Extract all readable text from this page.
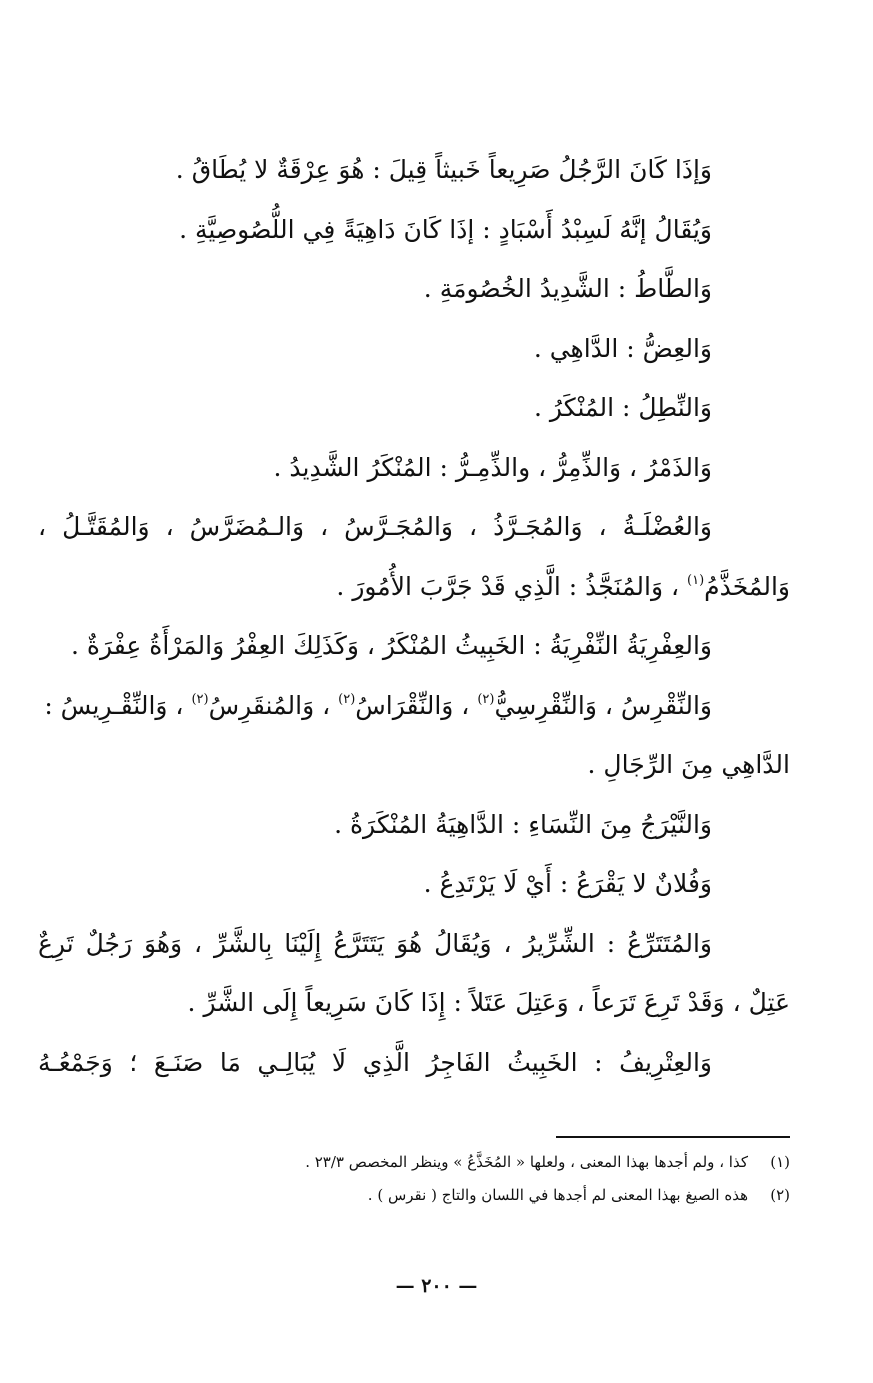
وَإذَا كَانَ الرَّجُلُ صَرِيعاً خَبيثاً قِيلَ : هُوَ عِرْقَةٌ لا يُطَاقُ .
وَيُقَالُ إنَّهُ لَسِبْدُ أَسْبَادٍ : إذَا كَانَ دَاهِيَةً فِي اللُّصُوصِيَّةِ .
وَالطَّاطُ : الشَّدِيدُ الخُصُومَةِ .
وَالعِضُّ : الدَّاهِي .
وَالنِّطِلُ : المُنْكَرُ .
وَالذَمْرُ ، وَالذِّمِرُّ ، والذِّمِـرُّ : المُنْكَرُ الشَّدِيدُ .
وَالعُضْلَـةُ ، وَالمُجَـرَّذُ ، وَالمُجَـرَّسُ ، وَالـمُضَرَّسُ ، وَالمُقَتَّـلُ ،
وَالمُخَذَّمُ$^{(١)}$ ، وَالمُنَجَّذُ : الَّذِي قَدْ جَرَّبَ الأُمُورَ .
وَالعِفْرِيَةُ النِّفْرِيَةُ : الخَبِيثُ المُنْكَرُ ، وَكَذَلِكَ العِفْرُ وَالمَرْأَةُ عِفْرَةٌ .
وَالنِّقْرِسُ ، وَالنِّقْرِسِيُّ$^{(٢)}$ ، وَالنِّقْرَاسُ$^{(٢)}$ ، وَالمُنقَرِسُ$^{(٢)}$ ، وَالنِّقْـرِيسُ :
الدَّاهِي مِنَ الرِّجَالِ .
وَالنَّيْرَجُ مِنَ النِّسَاءِ : الدَّاهِيَةُ المُنْكَرَةُ .
وَفُلانٌ لا يَقْرَعُ : أَيْ لَا يَرْتَدِعُ .
وَالمُتَتَرِّعُ : الشِّرِّيرُ ، وَيُقَالُ هُوَ يَتَتَرَّعُ إِلَيْنَا بِالشَّرِّ ، وَهُوَ رَجُلٌ تَرِعٌ
عَتِلٌ ، وَقَدْ تَرِعَ تَرَعاً ، وَعَتِلَ عَتَلاً : إِذَا كَانَ سَرِيعاً إِلَى الشَّرِّ .
وَالعِتْرِيفُ : الخَبِيثُ الفَاجِرُ الَّذِي لَا يُبَالِـي مَا صَنَـعَ ؛ وَجَمْعُـهُ
(١)كذا ، ولم أجدها بهذا المعنى ، ولعلها « المُخَذَّعُ » وينظر المخصص ٢٣/٣ .
(٢)هذه الصيغ بهذا المعنى لم أجدها في اللسان والتاج ( نقرس ) .
— ٢٠٠ —
